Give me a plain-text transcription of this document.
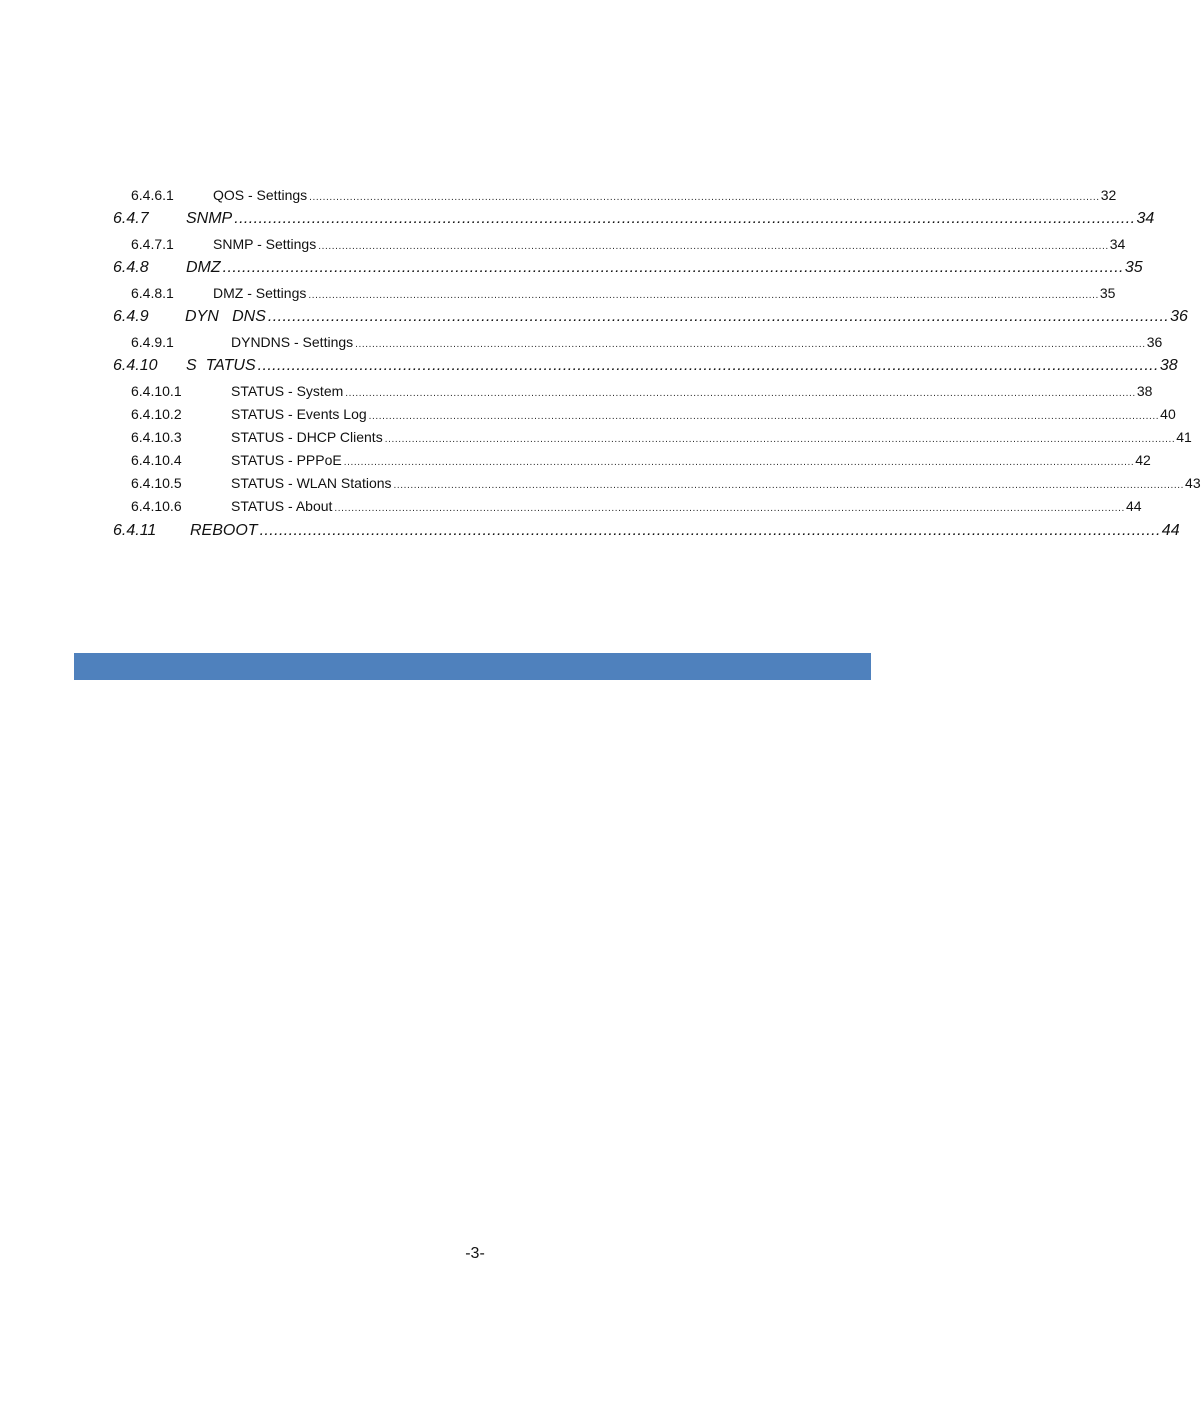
6.4.6.1	QOS - Settings .......................................................................................................................................................................................................................................... 32
6.4.7	SNMP .......................................................................................................................................................................................... 34
6.4.7.1	SNMP - Settings .......................................................................................................................................................................................................................................... 34
6.4.8	DMZ .......................................................................................................................................................................................... 35
6.4.8.1	DMZ - Settings .......................................................................................................................................................................................................................................... 35
6.4.9	DYN   DNS .......................................................................................................................................................................................... 36
6.4.9.1	DYNDNS - Settings .......................................................................................................................................................................................................................................... 36
6.4.10	S  TATUS .......................................................................................................................................................................................... 38
6.4.10.1	STATUS - System .......................................................................................................................................................................................................................................... 38
6.4.10.2	STATUS - Events Log .......................................................................................................................................................................................................................................... 40
6.4.10.3	STATUS - DHCP Clients .......................................................................................................................................................................................................................................... 41
6.4.10.4	STATUS - PPPoE .......................................................................................................................................................................................................................................... 42
6.4.10.5	STATUS - WLAN Stations .......................................................................................................................................................................................................................................... 43
6.4.10.6	STATUS - About .......................................................................................................................................................................................................................................... 44
6.4.11	REBOOT .......................................................................................................................................................................................... 44
-3-
